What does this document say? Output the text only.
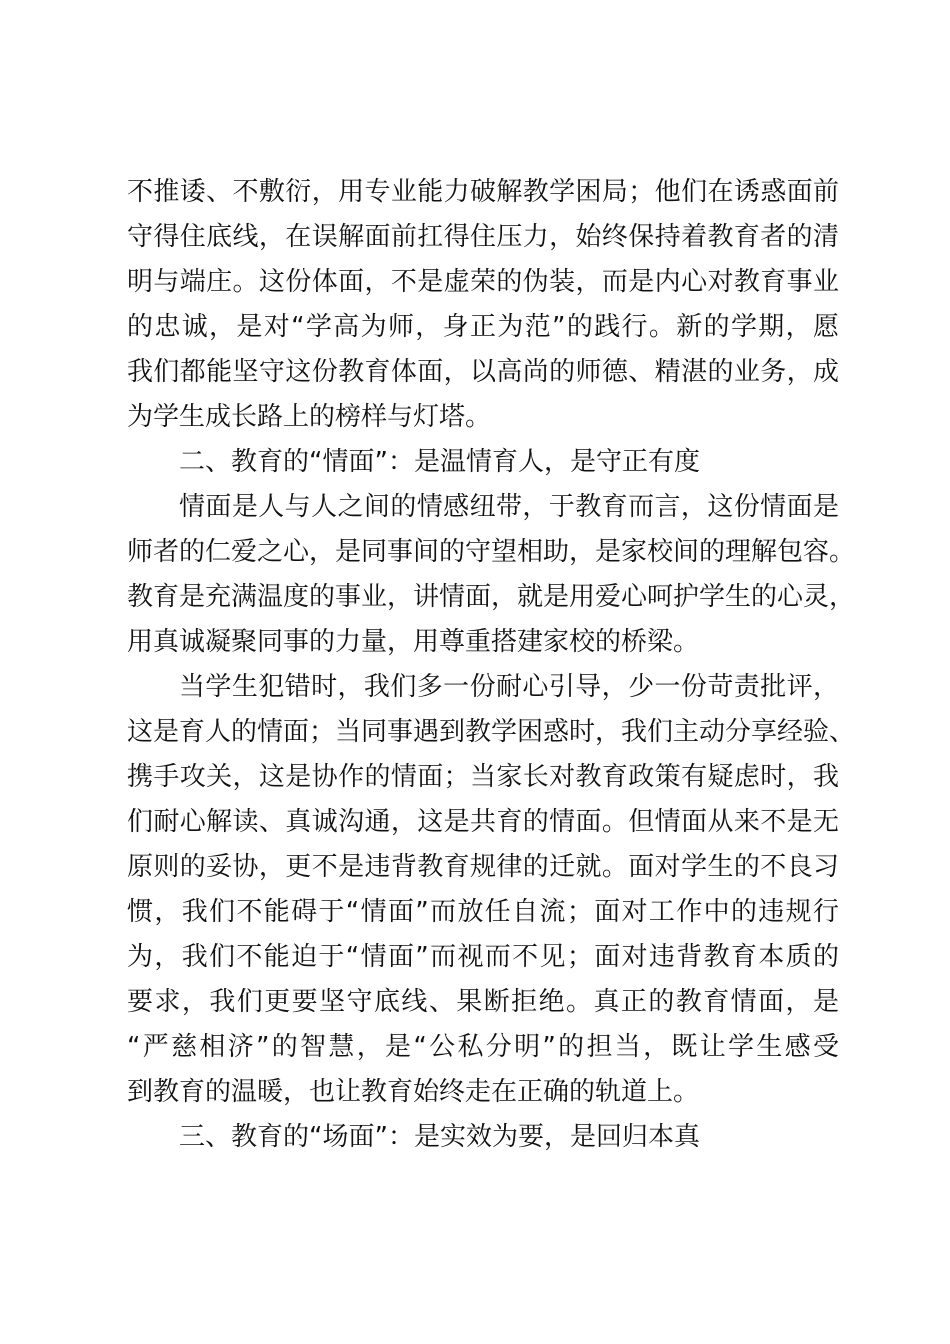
不推诿、不敷衍，用专业能力破解教学困局；他们在诱惑面前
守得住底线，在误解面前扛得住压力，始终保持着教育者的清
明与端庄。这份体面，不是虚荣的伪装，而是内心对教育事业
的忠诚，是对“学高为师，身正为范”的践行。新的学期，愿
我们都能坚守这份教育体面，以高尚的师德、精湛的业务，成
为学生成长路上的榜样与灯塔。
二、教育的“情面”：是温情育人，是守正有度
情面是人与人之间的情感纽带，于教育而言，这份情面是
师者的仁爱之心，是同事间的守望相助，是家校间的理解包容。
教育是充满温度的事业，讲情面，就是用爱心呵护学生的心灵，
用真诚凝聚同事的力量，用尊重搭建家校的桥梁。
当学生犯错时，我们多一份耐心引导，少一份苛责批评，
这是育人的情面；当同事遇到教学困惑时，我们主动分享经验、
携手攻关，这是协作的情面；当家长对教育政策有疑虑时，我
们耐心解读、真诚沟通，这是共育的情面。但情面从来不是无
原则的妥协，更不是违背教育规律的迁就。面对学生的不良习
惯，我们不能碍于“情面”而放任自流；面对工作中的违规行
为，我们不能迫于“情面”而视而不见；面对违背教育本质的
要求，我们更要坚守底线、果断拒绝。真正的教育情面，是
“严慈相济”的智慧，是“公私分明”的担当，既让学生感受
到教育的温暖，也让教育始终走在正确的轨道上。
三、教育的“场面”：是实效为要，是回归本真
